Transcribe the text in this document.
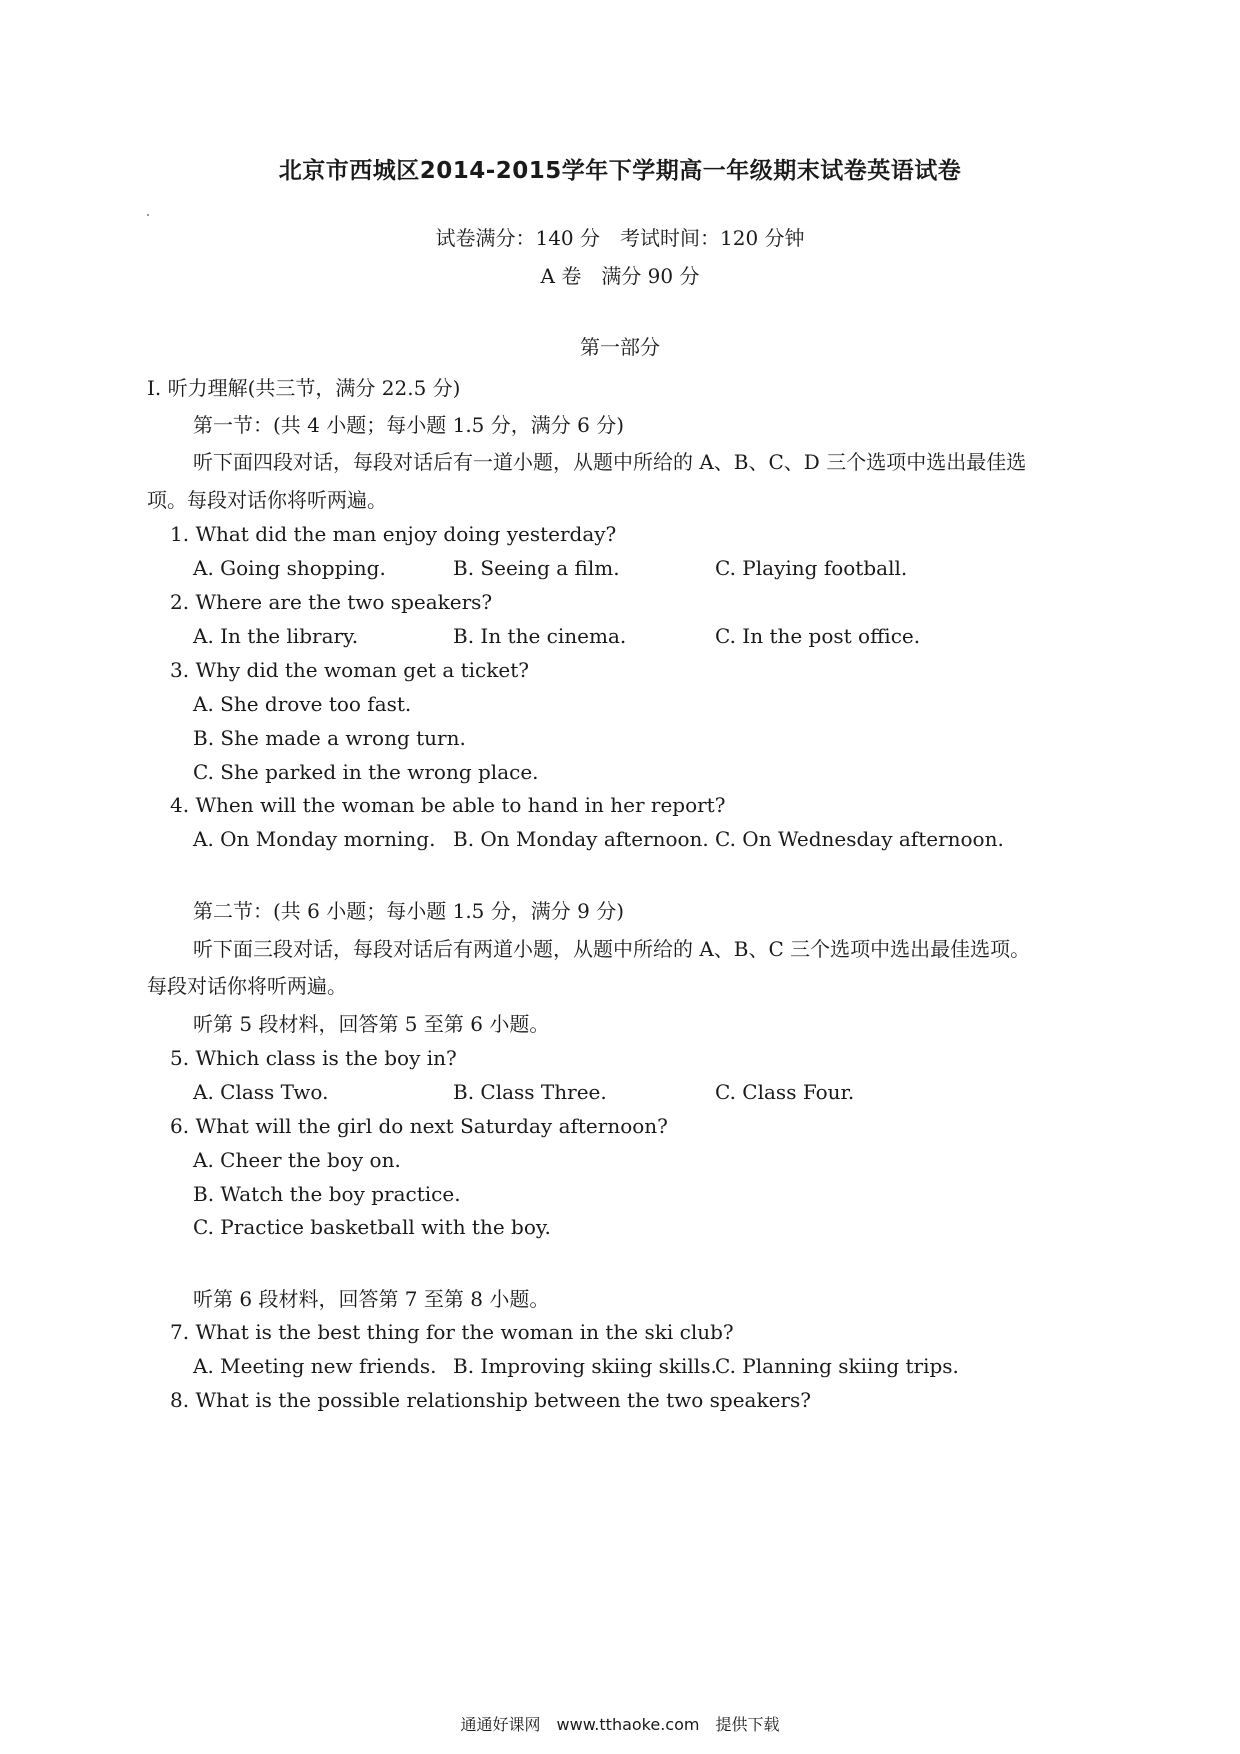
北京市西城区2014-2015学年下学期高一年级期末试卷英语试卷
试卷满分：140 分　考试时间：120 分钟
A 卷　满分 90 分
第一部分
I. 听力理解(共三节，满分 22.5 分)
第一节：(共 4 小题；每小题 1.5 分，满分 6 分)
听下面四段对话，每段对话后有一道小题，从题中所给的 A、B、C、D 三个选项中选出最佳选
项。每段对话你将听两遍。
1. What did the man enjoy doing yesterday?
A. Going shopping.	B. Seeing a film.	C. Playing football.
2. Where are the two speakers?
A. In the library.	B. In the cinema.	C. In the post office.
3. Why did the woman get a ticket?
A. She drove too fast.
B. She made a wrong turn.
C. She parked in the wrong place.
4. When will the woman be able to hand in her report?
A. On Monday morning. B. On Monday afternoon. C. On Wednesday afternoon.
第二节：(共 6 小题；每小题 1.5 分，满分 9 分)
听下面三段对话，每段对话后有两道小题，从题中所给的 A、B、C 三个选项中选出最佳选项。
每段对话你将听两遍。
听第 5 段材料，回答第 5 至第 6 小题。
5. Which class is the boy in?
A. Class Two.	B. Class Three.	C. Class Four.
6. What will the girl do next Saturday afternoon?
A. Cheer the boy on.
B. Watch the boy practice.
C. Practice basketball with the boy.
听第 6 段材料，回答第 7 至第 8 小题。
7. What is the best thing for the woman in the ski club?
A. Meeting new friends. B. Improving skiing skills.
C. Planning skiing trips.
8. What is the possible relationship between the two speakers?
通通好课网　www.tthaoke.com　提供下载
